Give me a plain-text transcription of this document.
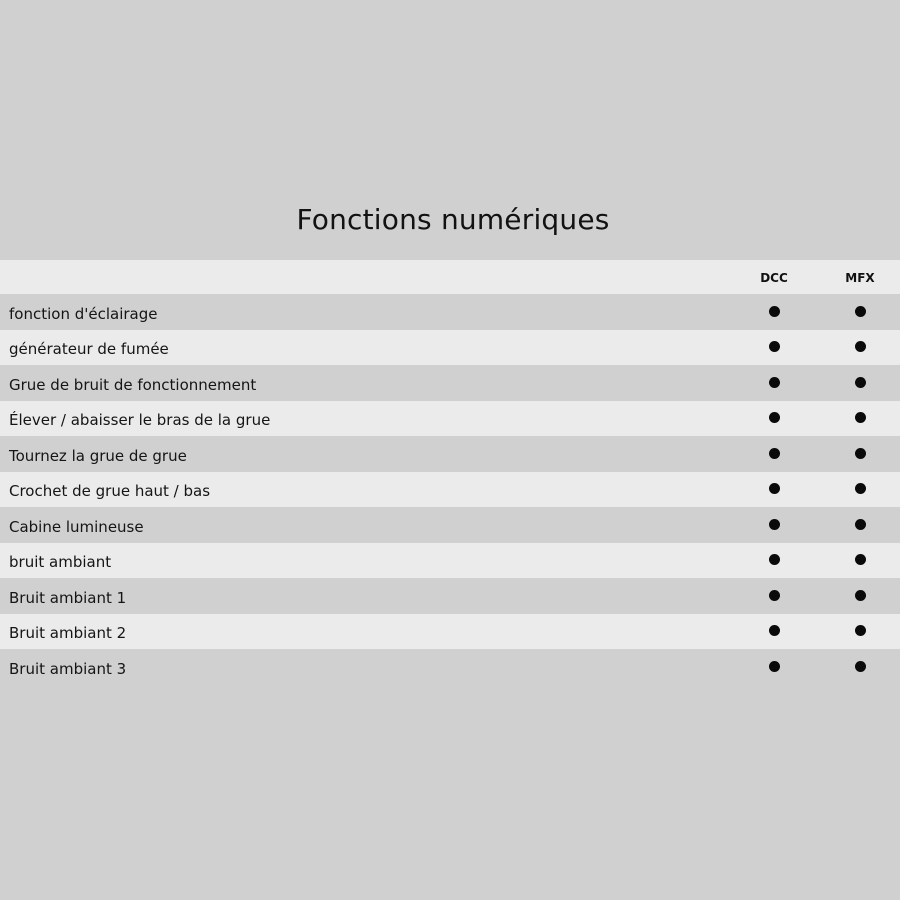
Fonctions numériques
DCC	MFX
fonction d'éclairage
générateur de fumée
Grue de bruit de fonctionnement
Élever / abaisser le bras de la grue
Tournez la grue de grue
Crochet de grue haut / bas
Cabine lumineuse
bruit ambiant
Bruit ambiant 1
Bruit ambiant 2
Bruit ambiant 3
